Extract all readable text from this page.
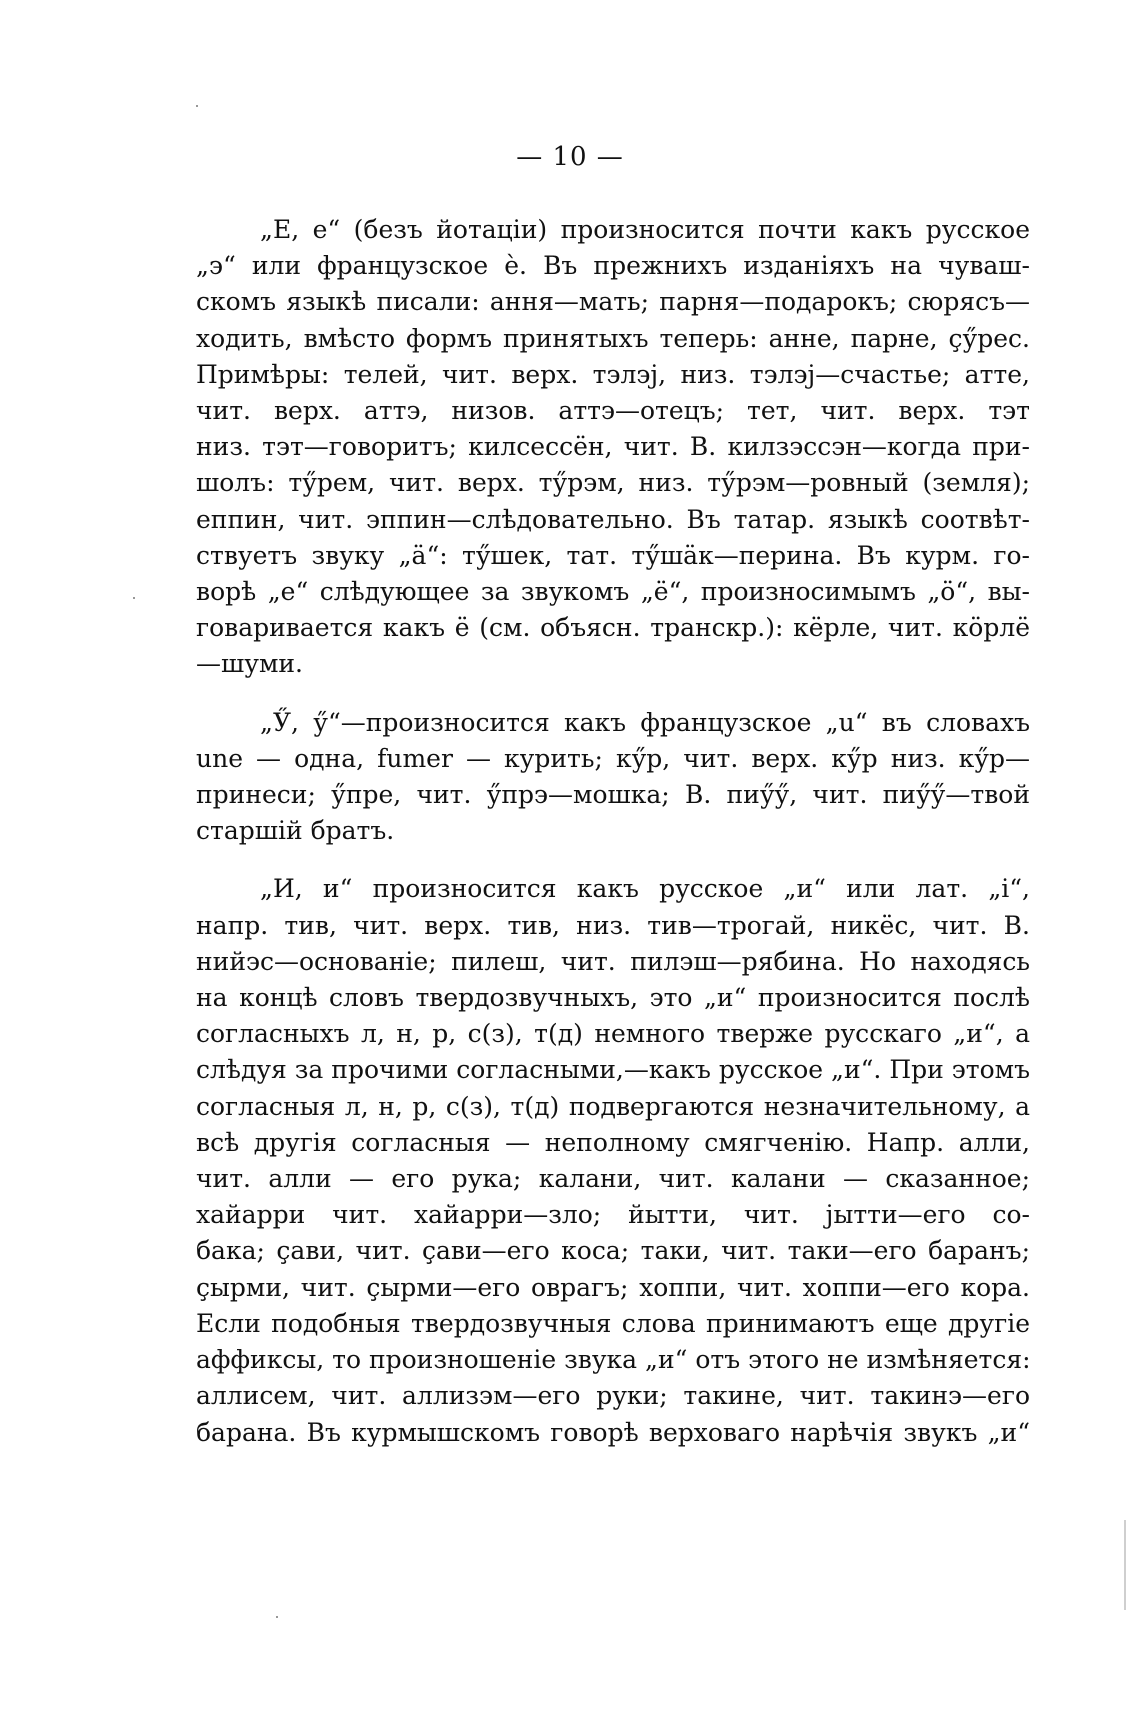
— 10 —
„Е, е“ (безъ йотаціи) произносится почти какъ русское
„э“ или французское è. Въ прежнихъ изданіяхъ на чуваш-
скомъ языкѣ писали: ання—мать; парня—подарокъ; сюрясъ—
ходить, вмѣсто формъ принятыхъ теперь: анне, парне, çӳрес.
Примѣры: телей, чит. верх. тэлэj, низ. тэлэj—счастье; атте,
чит. верх. аттэ, низов. аттэ—отецъ; тет, чит. верх. тэт
низ. тэт—говоритъ; килсессён, чит. В. килзэссэн—когда при-
шолъ: тӳрем, чит. верх. тӳрэм, низ. тӳрэм—ровный (земля);
еппин, чит. эппин—слѣдовательно. Въ татар. языкѣ соотвѣт-
ствуетъ звуку „ä“: тӳшек, тат. тӳшäк—перина. Въ курм. го-
ворѣ „е“ слѣдующее за звукомъ „ё“, произносимымъ „ö“, вы-
говаривается какъ ё (см. объясн. транскр.): кёрле, чит. кöрлё
—шуми.
„Ӳ, ӳ“—произносится какъ французское „u“ въ словахъ
une — одна, fumer — курить; кӳр, чит. верх. кӳр низ. кӳр—
принеси; ӳпре, чит. ӳпрэ—мошка; В. пиӳӳ, чит. пиӳӳ—твой
старшій братъ.
„И, и“ произносится какъ русское „и“ или лат. „i“,
напр. тив, чит. верх. тив, низ. тив—трогай, никёс, чит. В.
нийэс—основаніе; пилеш, чит. пилэш—рябина. Но находясь
на концѣ словъ твердозвучныхъ, это „и“ произносится послѣ
согласныхъ л, н, р, с(з), т(д) немного тверже русскаго „и“, а
слѣдуя за прочими согласными,—какъ русское „и“. При этомъ
согласныя л, н, р, с(з), т(д) подвергаются незначительному, а
всѣ другія согласныя — неполному смягченію. Напр. алли,
чит. алли — его рука; калани, чит. калани — сказанное;
хайарри чит. хайарри—зло; йытти, чит. jытти—его со-
бака; çави, чит. çави—его коса; таки, чит. таки—его баранъ;
çырми, чит. çырми—его оврагъ; хоппи, чит. хоппи—его кора.
Если подобныя твердозвучныя слова принимаютъ еще другіе
аффиксы, то произношеніе звука „и“ отъ этого не измѣняется:
аллисем, чит. аллизэм—его руки; такине, чит. такинэ—его
барана. Въ курмышскомъ говорѣ верховаго нарѣчія звукъ „и“
